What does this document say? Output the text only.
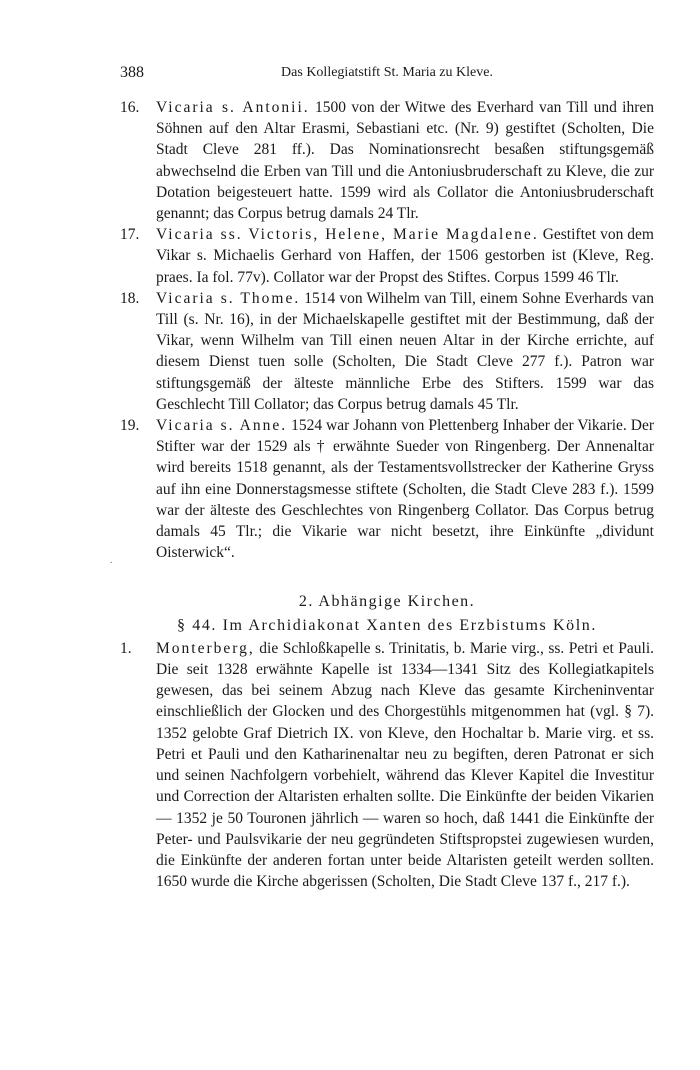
388	Das Kollegiatstift St. Maria zu Kleve.
.

16. Vicaria s. Antonii. 1500 von der Witwe des Everhard van Till und ihren Söhnen auf den Altar Erasmi, Sebastiani etc. (Nr. 9) gestiftet (Scholten, Die Stadt Cleve 281 ff.). Das Nominationsrecht besaßen stiftungsgemäß abwechselnd die Erben van Till und die Antoniusbruderschaft zu Kleve, die zur Dotation beigesteuert hatte. 1599 wird als Collator die Antoniusbruderschaft genannt; das Corpus betrug damals 24 Tlr.

17. Vicaria ss. Victoris, Helene, Marie Magdalene. Gestiftet von dem Vikar s. Michaelis Gerhard von Haffen, der 1506 gestorben ist (Kleve, Reg. praes. Ia fol. 77v). Collator war der Propst des Stiftes. Corpus 1599 46 Tlr.

18. Vicaria s. Thome. 1514 von Wilhelm van Till, einem Sohne Everhards van Till (s. Nr. 16), in der Michaelskapelle gestiftet mit der Bestimmung, daß der Vikar, wenn Wilhelm van Till einen neuen Altar in der Kirche errichte, auf diesem Dienst tuen solle (Scholten, Die Stadt Cleve 277 f.). Patron war stiftungsgemäß der älteste männliche Erbe des Stifters. 1599 war das Geschlecht Till Collator; das Corpus betrug damals 45 Tlr.

19. Vicaria s. Anne. 1524 war Johann von Plettenberg Inhaber der Vikarie. Der Stifter war der 1529 als † erwähnte Sueder von Ringenberg. Der Annenaltar wird bereits 1518 genannt, als der Testamentsvollstrecker der Katherine Gryss auf ihn eine Donnerstagsmesse stiftete (Scholten, die Stadt Cleve 283 f.). 1599 war der älteste des Geschlechtes von Ringenberg Collator. Das Corpus betrug damals 45 Tlr.; die Vikarie war nicht besetzt, ihre Einkünfte „dividunt Oisterwick“.

2. Abhängige Kirchen.
§ 44. Im Archidiakonat Xanten des Erzbistums Köln.

1. Monterberg, die Schloßkapelle s. Trinitatis, b. Marie virg., ss. Petri et Pauli. Die seit 1328 erwähnte Kapelle ist 1334—1341 Sitz des Kollegiatkapitels gewesen, das bei seinem Abzug nach Kleve das gesamte Kircheninventar einschließlich der Glocken und des Chorgestühls mitgenommen hat (vgl. § 7). 1352 gelobte Graf Dietrich IX. von Kleve, den Hochaltar b. Marie virg. et ss. Petri et Pauli und den Katharinenaltar neu zu begiften, deren Patronat er sich und seinen Nachfolgern vorbehielt, während das Klever Kapitel die Investitur und Correction der Altaristen erhalten sollte. Die Einkünfte der beiden Vikarien — 1352 je 50 Touronen jährlich — waren so hoch, daß 1441 die Einkünfte der Peter- und Paulsvikarie der neu gegründeten Stiftspropstei zugewiesen wurden, die Einkünfte der anderen fortan unter beide Altaristen geteilt werden sollten. 1650 wurde die Kirche abgerissen (Scholten, Die Stadt Cleve 137 f., 217 f.).
